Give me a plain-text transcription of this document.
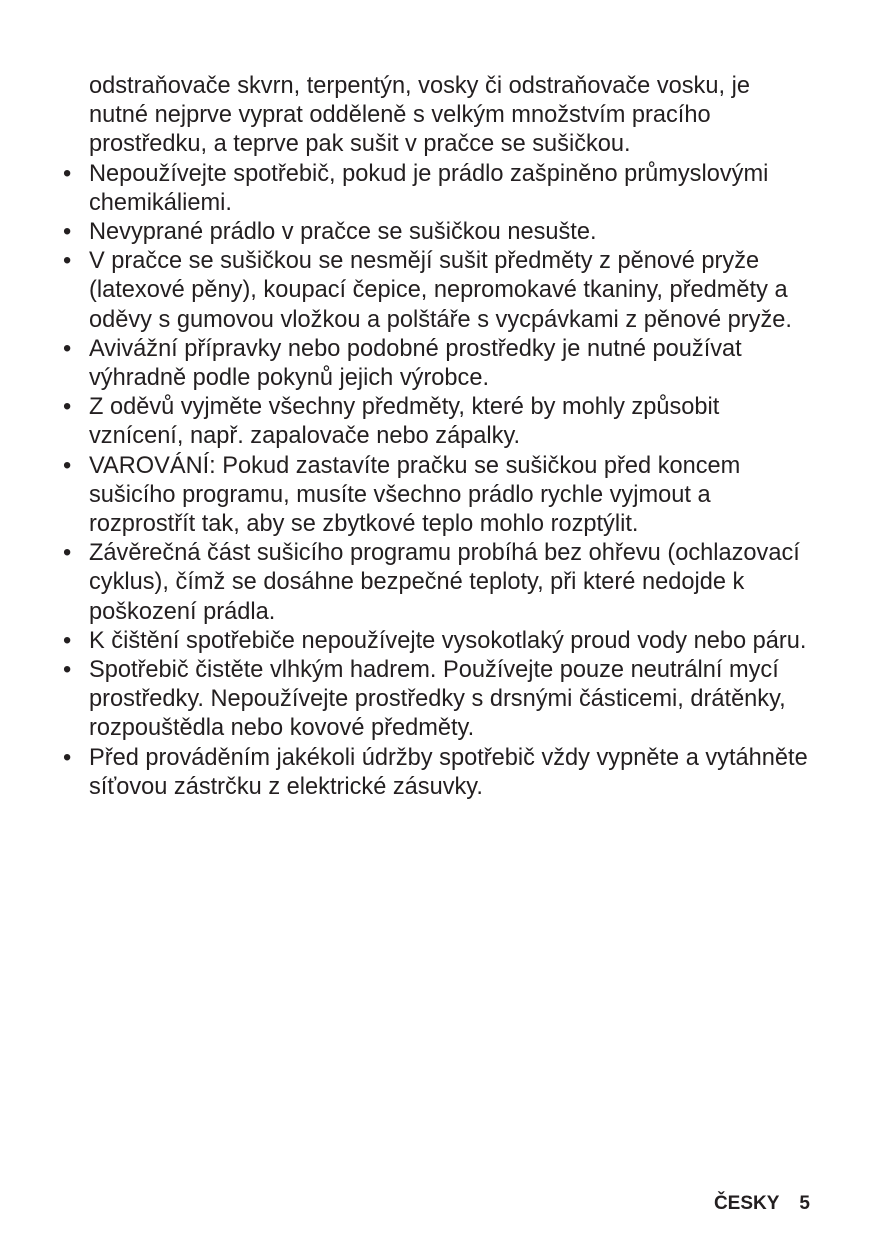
odstraňovače skvrn, terpentýn, vosky či odstraňovače vosku, je nutné nejprve vyprat odděleně s velkým množstvím pracího prostředku, a teprve pak sušit v pračce se sušičkou.

• Nepoužívejte spotřebič, pokud je prádlo zašpiněno průmyslovými chemikáliemi.
• Nevyprané prádlo v pračce se sušičkou nesušte.
• V pračce se sušičkou se nesmějí sušit předměty z pěnové pryže (latexové pěny), koupací čepice, nepromokavé tkaniny, předměty a oděvy s gumovou vložkou a polštáře s vycpávkami z pěnové pryže.
• Avivážní přípravky nebo podobné prostředky je nutné používat výhradně podle pokynů jejich výrobce.
• Z oděvů vyjměte všechny předměty, které by mohly způsobit vznícení, např. zapalovače nebo zápalky.
• VAROVÁNÍ: Pokud zastavíte pračku se sušičkou před koncem sušicího programu, musíte všechno prádlo rychle vyjmout a rozprostřít tak, aby se zbytkové teplo mohlo rozptýlit.
• Závěrečná část sušicího programu probíhá bez ohřevu (ochlazovací cyklus), čímž se dosáhne bezpečné teploty, při které nedojde k poškození prádla.
• K čištění spotřebiče nepoužívejte vysokotlaký proud vody nebo páru.
• Spotřebič čistěte vlhkým hadrem. Používejte pouze neutrální mycí prostředky. Nepoužívejte prostředky s drsnými částicemi, drátěnky, rozpouštědla nebo kovové předměty.
• Před prováděním jakékoli údržby spotřebič vždy vypněte a vytáhněte síťovou zástrčku z elektrické zásuvky.
ČESKY 5
